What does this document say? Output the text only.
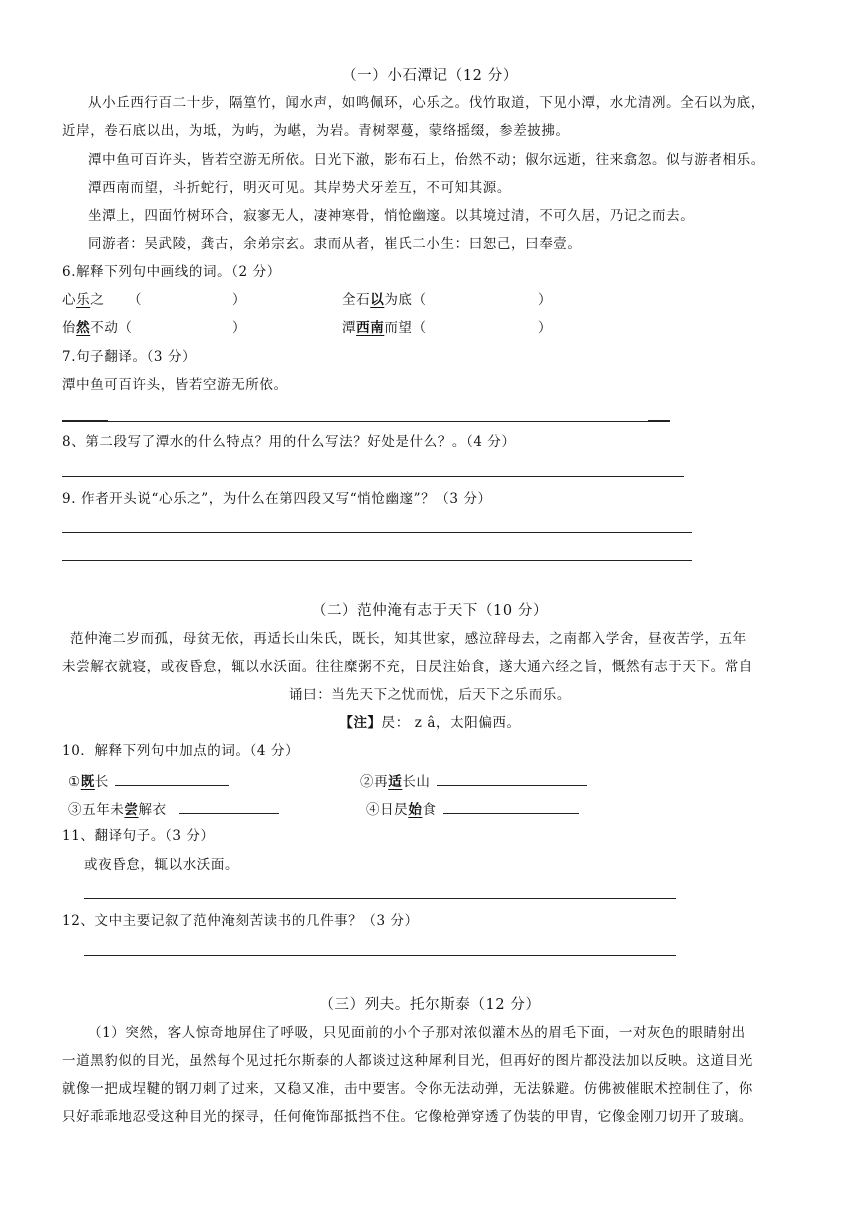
（一）小石潭记（12 分）
从小丘西行百二十步，隔篁竹，闻水声，如鸣佩环，心乐之。伐竹取道，下见小潭，水尤清冽。全石以为底，
近岸，卷石底以出，为坻，为屿，为嵁，为岩。青树翠蔓，蒙络摇缀，参差披拂。
潭中鱼可百许头，皆若空游无所依。日光下澈，影布石上，佁然不动；俶尔远逝，往来翕忽。似与游者相乐。
潭西南而望，斗折蛇行，明灭可见。其岸势犬牙差互，不可知其源。
坐潭上，四面竹树环合，寂寥无人，凄神寒骨，悄怆幽邃。以其境过清，不可久居，乃记之而去。
同游者：吴武陵，龚古，余弟宗玄。隶而从者，崔氏二小生：曰恕己，曰奉壹。
6.解释下列句中画线的词。（2 分）
心乐之 （	）	全石以为底（	）
佁然不动（	）	潭西南而望（	）
7.句子翻译。（3 分）
潭中鱼可百许头，皆若空游无所依。
8、第二段写了潭水的什么特点？用的什么写法？好处是什么？。（4 分）
9. 作者开头说“心乐之”，为什么在第四段又写“悄怆幽邃”？（3 分）
（二）范仲淹有志于天下（10 分）
范仲淹二岁而孤，母贫无依，再适长山朱氏，既长，知其世家，感泣辞母去，之南都入学舍，昼夜苦学，五年
未尝解衣就寝，或夜昏怠，辄以水沃面。往往糜粥不充，日昃注始食，遂大通六经之旨，慨然有志于天下。常自
诵曰：当先天下之忧而忧，后天下之乐而乐。
【注】昃： z â，太阳偏西。
10．解释下列句中加点的词。（4 分）
①既长	②再适长山
③五年未尝解衣	④日昃始食
11、翻译句子。（3 分）
或夜昏怠，辄以水沃面。
12、文中主要记叙了范仲淹刻苦读书的几件事？（3 分）
（三）列夫。托尔斯泰（12 分）
（1）突然，客人惊奇地屏住了呼吸，只见面前的小个子那对浓似灌木丛的眉毛下面，一对灰色的眼睛射出
一道黑豹似的目光，虽然每个见过托尔斯泰的人都谈过这种犀利目光，但再好的图片都没法加以反映。这道目光
就像一把成埕鞬的钢刀刺了过来，又稳又准，击中要害。令你无法动弹，无法躲避。仿佛被催眠术控制住了，你
只好乖乖地忍受这种目光的探寻，任何俺饰郚抵挡不住。它像枪弹穿透了伪装的甲胄，它像金刚刀切开了玻璃。
